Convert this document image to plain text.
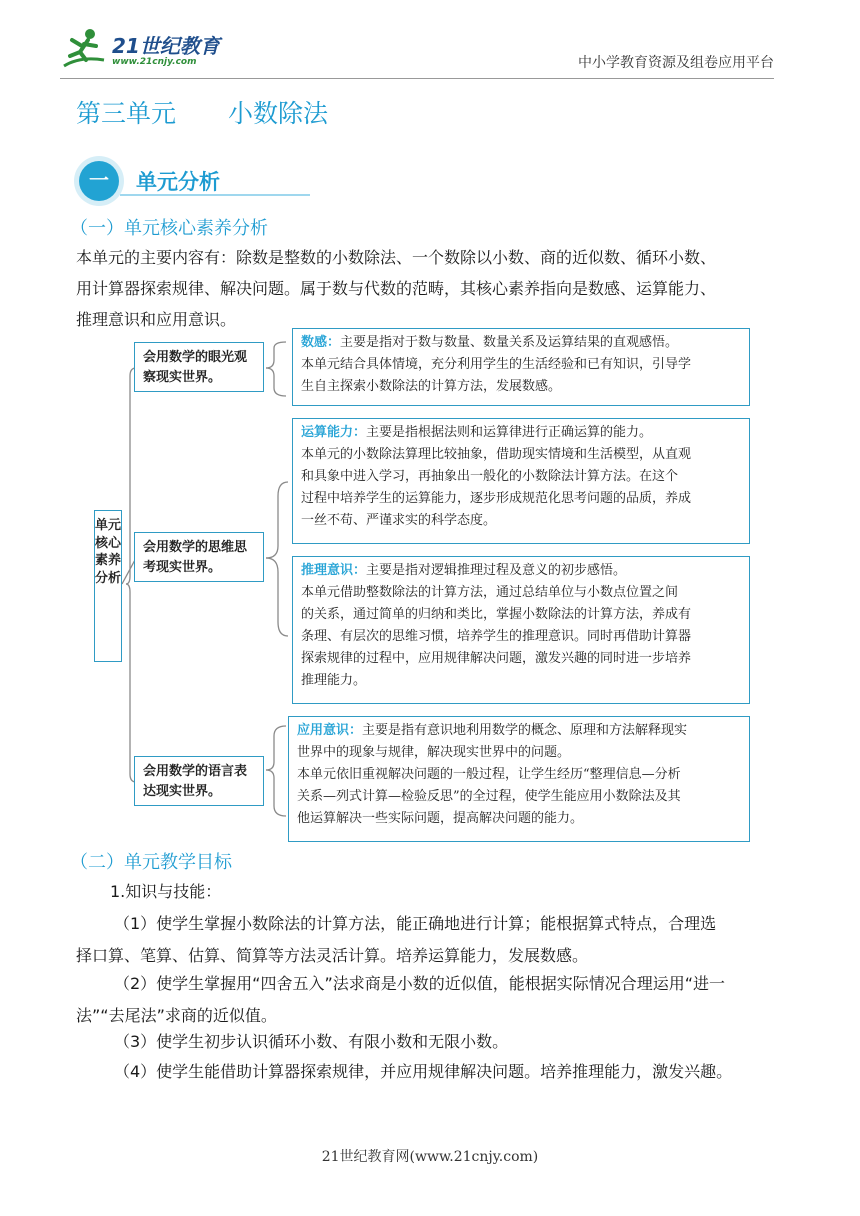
21世纪教育
www.21cnjy.com	中小学教育资源及组卷应用平台
第三单元 小数除法
一	单元分析
（一）单元核心素养分析
本单元的主要内容有：除数是整数的小数除法、一个数除以小数、商的近似数、循环小数、
用计算器探索规律、解决问题。属于数与代数的范畴，其核心素养指向是数感、运算能力、
推理意识和应用意识。
单元核心素养分析
会用数学的眼光观察现实世界。
会用数学的思维思考现实世界。
会用数学的语言表达现实世界。
数感：主要是指对于数与数量、数量关系及运算结果的直观感悟。
本单元结合具体情境，充分利用学生的生活经验和已有知识，引导学
生自主探索小数除法的计算方法，发展数感。
运算能力：主要是指根据法则和运算律进行正确运算的能力。
本单元的小数除法算理比较抽象，借助现实情境和生活模型，从直观
和具象中进入学习，再抽象出一般化的小数除法计算方法。在这个
过程中培养学生的运算能力，逐步形成规范化思考问题的品质，养成
一丝不苟、严谨求实的科学态度。
推理意识：主要是指对逻辑推理过程及意义的初步感悟。
本单元借助整数除法的计算方法，通过总结单位与小数点位置之间
的关系，通过简单的归纳和类比，掌握小数除法的计算方法，养成有
条理、有层次的思维习惯，培养学生的推理意识。同时再借助计算器
探索规律的过程中，应用规律解决问题，激发兴趣的同时进一步培养
推理能力。
应用意识：主要是指有意识地利用数学的概念、原理和方法解释现实
世界中的现象与规律，解决现实世界中的问题。
本单元依旧重视解决问题的一般过程，让学生经历“整理信息—分析
关系—列式计算—检验反思”的全过程，使学生能应用小数除法及其
他运算解决一些实际问题，提高解决问题的能力。
（二）单元教学目标
1.知识与技能：
（1）使学生掌握小数除法的计算方法，能正确地进行计算；能根据算式特点，合理选
择口算、笔算、估算、简算等方法灵活计算。培养运算能力，发展数感。
（2）使学生掌握用“四舍五入”法求商是小数的近似值，能根据实际情况合理运用“进一
法”“去尾法”求商的近似值。
（3）使学生初步认识循环小数、有限小数和无限小数。
（4）使学生能借助计算器探索规律，并应用规律解决问题。培养推理能力，激发兴趣。
21世纪教育网(www.21cnjy.com)
